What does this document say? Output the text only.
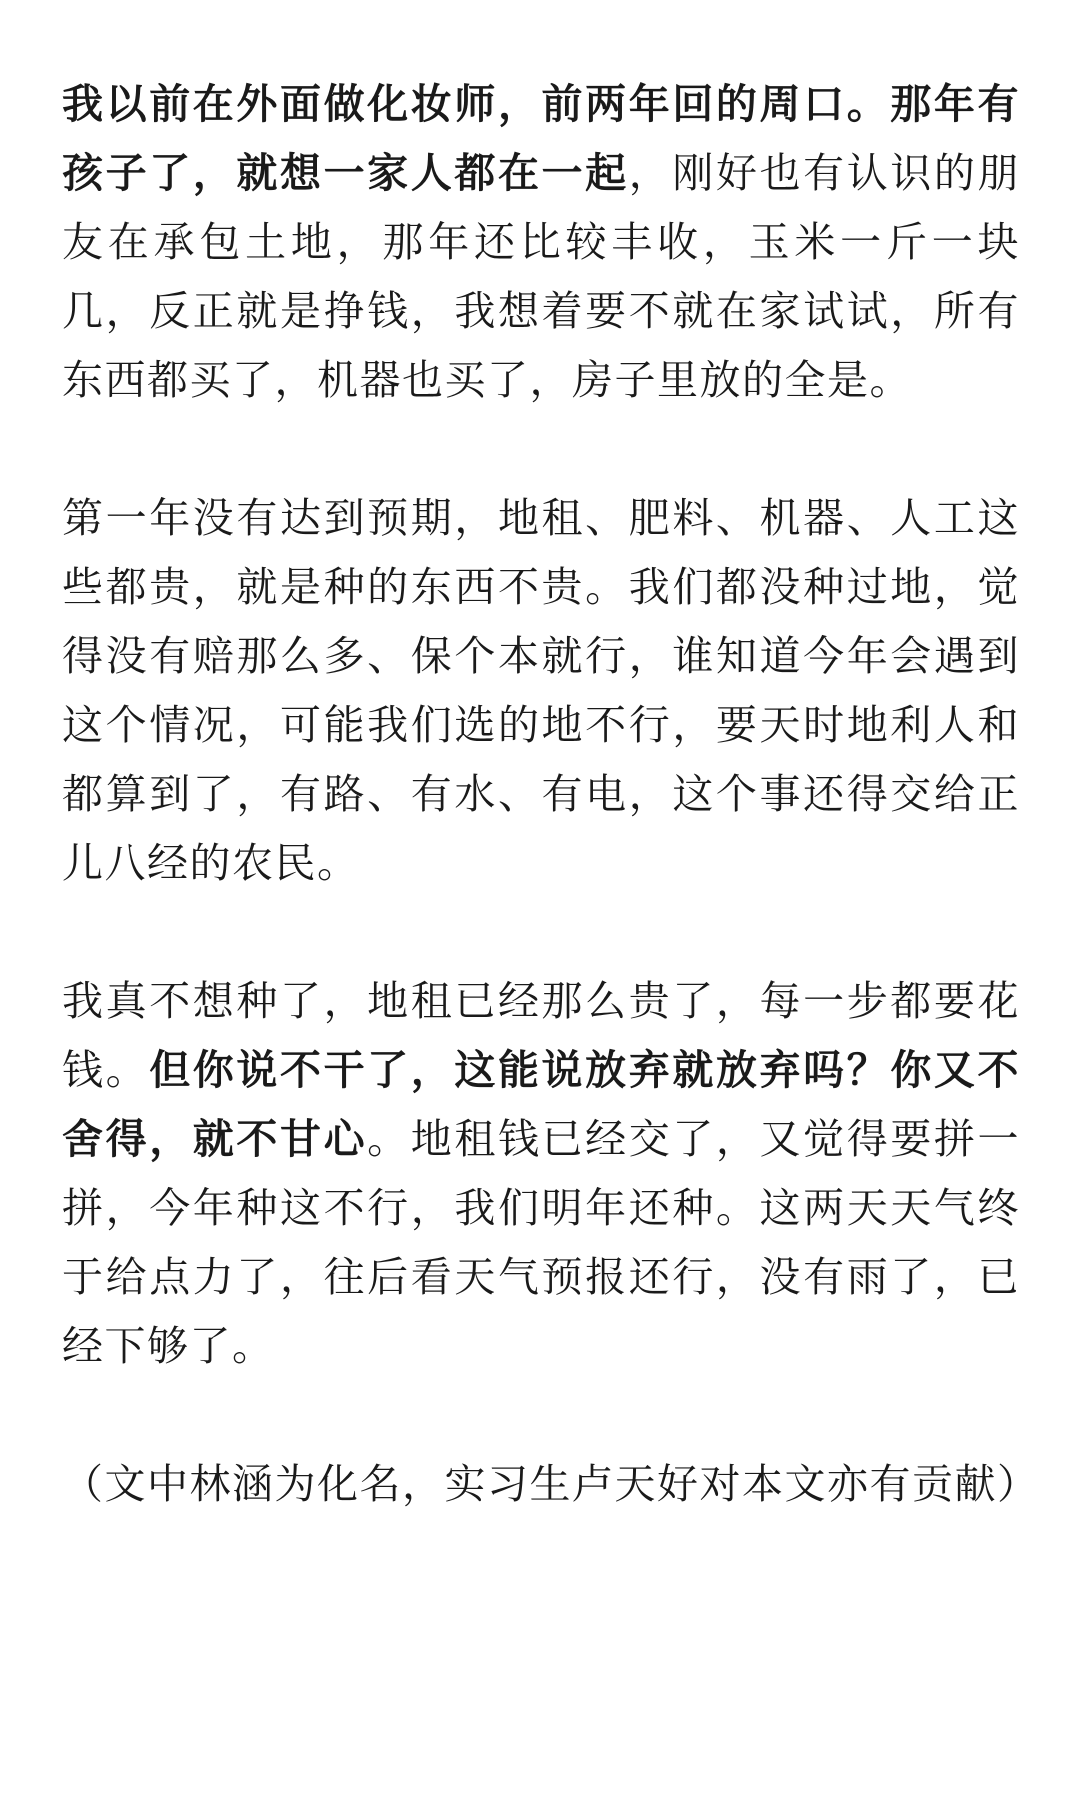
我以前在外面做化妆师，前两年回的周口。那年有孩子了，就想一家人都在一起，刚好也有认识的朋友在承包土地，那年还比较丰收，玉米一斤一块几，反正就是挣钱，我想着要不就在家试试，所有东西都买了，机器也买了，房子里放的全是。

第一年没有达到预期，地租、肥料、机器、人工这些都贵，就是种的东西不贵。我们都没种过地，觉得没有赔那么多、保个本就行，谁知道今年会遇到这个情况，可能我们选的地不行，要天时地利人和都算到了，有路、有水、有电，这个事还得交给正儿八经的农民。

我真不想种了，地租已经那么贵了，每一步都要花钱。但你说不干了，这能说放弃就放弃吗？你又不舍得，就不甘心。地租钱已经交了，又觉得要拼一拼，今年种这不行，我们明年还种。这两天天气终于给点力了，往后看天气预报还行，没有雨了，已经下够了。

（文中林涵为化名，实习生卢天好对本文亦有贡献）
